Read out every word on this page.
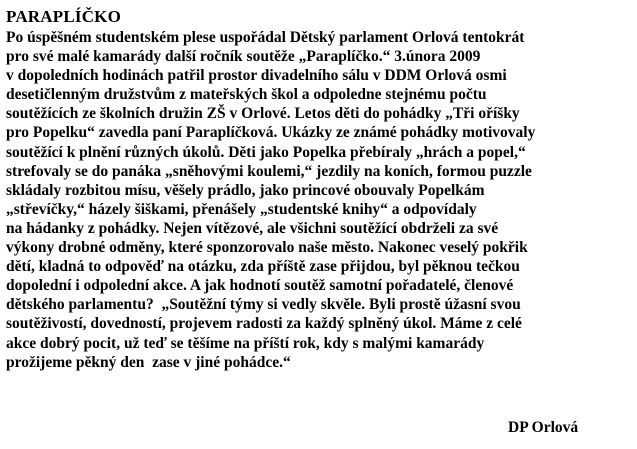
PARAPLÍČKO
Po úspěšném studentském plese uspořádal Dětský parlament Orlová tentokrát
pro své malé kamarády další ročník soutěže „Paraplíčko.“ 3.února 2009
v dopoledních hodinách patřil prostor divadelního sálu v DDM Orlová osmi
desetičlenným družstvům z mateřských škol a odpoledne stejnému počtu
soutěžících ze školních družin ZŠ v Orlové. Letos děti do pohádky „Tři oříšky
pro Popelku“ zavedla paní Paraplíčková. Ukázky ze známé pohádky motivovaly
soutěžící k plnění různých úkolů. Děti jako Popelka přebíraly „hrách a popel,“
strefovaly se do panáka „sněhovými koulemi,“ jezdily na koních, formou puzzle
skládaly rozbitou mísu, věšely prádlo, jako princové obouvaly Popelkám
„střevíčky,“ házely šiškami, přenášely „studentské knihy“ a odpovídaly
na hádanky z pohádky. Nejen vítězové, ale všichni soutěžící obdrželi za své
výkony drobné odměny, které sponzorovalo naše město. Nakonec veselý pokřik
dětí, kladná to odpověď na otázku, zda příště zase přijdou, byl pěknou tečkou
dopolední i odpolední akce. A jak hodnotí soutěž samotní pořadatelé, členové
dětského parlamentu?  „Soutěžní týmy si vedly skvěle. Byli prostě úžasní svou
soutěživostí, dovedností, projevem radosti za každý splněný úkol. Máme z celé
akce dobrý pocit, už teď se těšíme na příští rok, kdy s malými kamarády
prožijeme pěkný den  zase v jiné pohádce.“
DP Orlová
